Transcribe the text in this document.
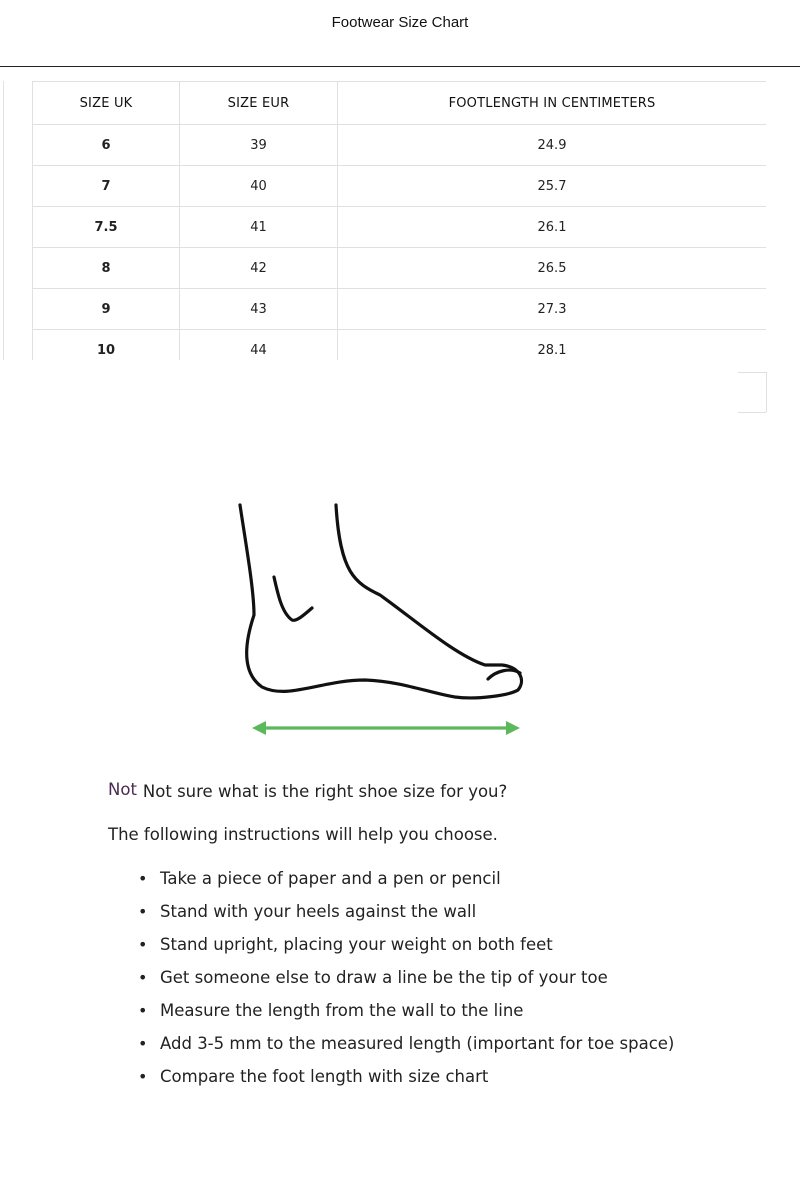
Footwear Size Chart
SIZE UK	SIZE EUR	FOOTLENGTH IN CENTIMETERS
6	39	24.9
7	40	25.7
7.5	41	26.1
8	42	26.5
9	43	27.3
10	44	28.1

Not Not sure what is the right shoe size for you?

The following instructions will help you choose.

• Take a piece of paper and a pen or pencil
• Stand with your heels against the wall
• Stand upright, placing your weight on both feet
• Get someone else to draw a line be the tip of your toe
• Measure the length from the wall to the line
• Add 3-5 mm to the measured length (important for toe space)
• Compare the foot length with size chart
